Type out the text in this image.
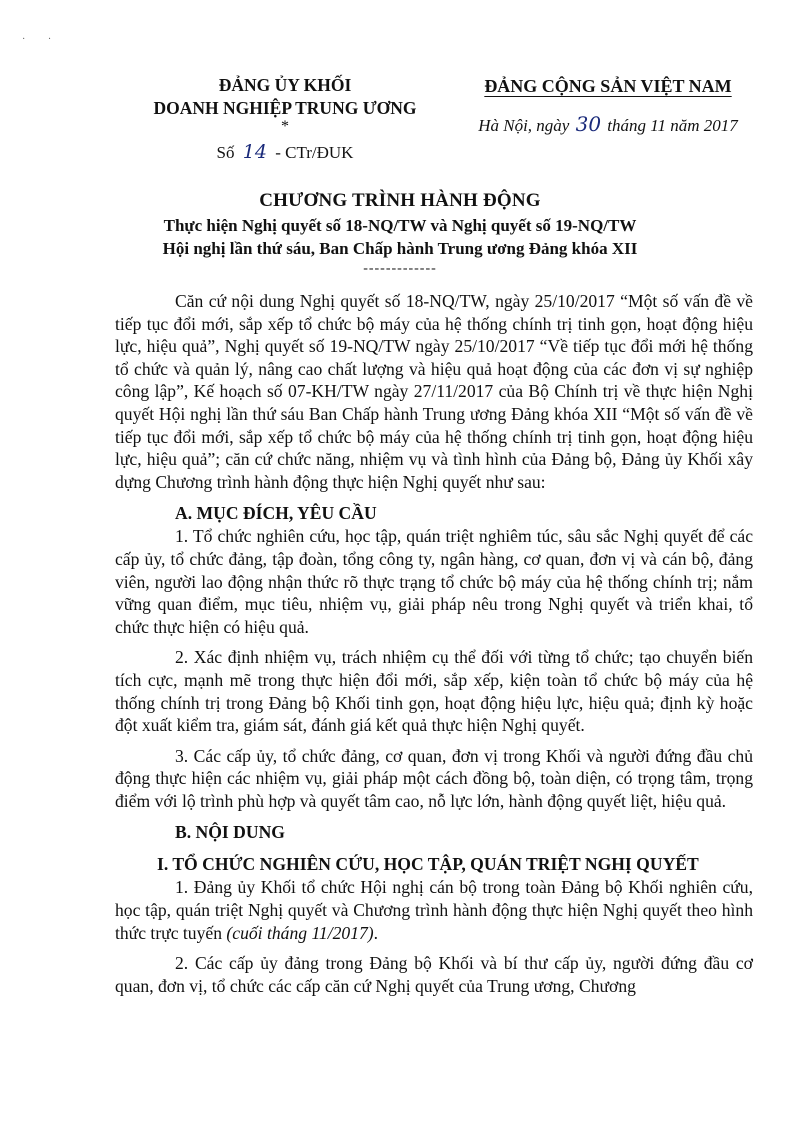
· ·
ĐẢNG ỦY KHỐI
DOANH NGHIỆP TRUNG ƯƠNG
*
Số 14 - CTr/ĐUK
ĐẢNG CỘNG SẢN VIỆT NAM
Hà Nội, ngày 30 tháng 11 năm 2017
CHƯƠNG TRÌNH HÀNH ĐỘNG
Thực hiện Nghị quyết số 18-NQ/TW và Nghị quyết số 19-NQ/TW
Hội nghị lần thứ sáu, Ban Chấp hành Trung ương Đảng khóa XII
-------------

Căn cứ nội dung Nghị quyết số 18-NQ/TW, ngày 25/10/2017 “Một số vấn đề về tiếp tục đổi mới, sắp xếp tổ chức bộ máy của hệ thống chính trị tinh gọn, hoạt động hiệu lực, hiệu quả”, Nghị quyết số 19-NQ/TW ngày 25/10/2017 “Về tiếp tục đổi mới hệ thống tổ chức và quản lý, nâng cao chất lượng và hiệu quả hoạt động của các đơn vị sự nghiệp công lập”, Kế hoạch số 07-KH/TW ngày 27/11/2017 của Bộ Chính trị về thực hiện Nghị quyết Hội nghị lần thứ sáu Ban Chấp hành Trung ương Đảng khóa XII “Một số vấn đề về tiếp tục đổi mới, sắp xếp tổ chức bộ máy của hệ thống chính trị tinh gọn, hoạt động hiệu lực, hiệu quả”; căn cứ chức năng, nhiệm vụ và tình hình của Đảng bộ, Đảng ủy Khối xây dựng Chương trình hành động thực hiện Nghị quyết như sau:

A. MỤC ĐÍCH, YÊU CẦU

1. Tổ chức nghiên cứu, học tập, quán triệt nghiêm túc, sâu sắc Nghị quyết để các cấp ủy, tổ chức đảng, tập đoàn, tổng công ty, ngân hàng, cơ quan, đơn vị và cán bộ, đảng viên, người lao động nhận thức rõ thực trạng tổ chức bộ máy của hệ thống chính trị; nắm vững quan điểm, mục tiêu, nhiệm vụ, giải pháp nêu trong Nghị quyết và triển khai, tổ chức thực hiện có hiệu quả.

2. Xác định nhiệm vụ, trách nhiệm cụ thể đối với từng tổ chức; tạo chuyển biến tích cực, mạnh mẽ trong thực hiện đổi mới, sắp xếp, kiện toàn tổ chức bộ máy của hệ thống chính trị trong Đảng bộ Khối tinh gọn, hoạt động hiệu lực, hiệu quả; định kỳ hoặc đột xuất kiểm tra, giám sát, đánh giá kết quả thực hiện Nghị quyết.

3. Các cấp ủy, tổ chức đảng, cơ quan, đơn vị trong Khối và người đứng đầu chủ động thực hiện các nhiệm vụ, giải pháp một cách đồng bộ, toàn diện, có trọng tâm, trọng điểm với lộ trình phù hợp và quyết tâm cao, nỗ lực lớn, hành động quyết liệt, hiệu quả.

B. NỘI DUNG
I. TỔ CHỨC NGHIÊN CỨU, HỌC TẬP, QUÁN TRIỆT NGHỊ QUYẾT

1. Đảng ủy Khối tổ chức Hội nghị cán bộ trong toàn Đảng bộ Khối nghiên cứu, học tập, quán triệt Nghị quyết và Chương trình hành động thực hiện Nghị quyết theo hình thức trực tuyến (cuối tháng 11/2017).

2. Các cấp ủy đảng trong Đảng bộ Khối và bí thư cấp ủy, người đứng đầu cơ quan, đơn vị, tổ chức các cấp căn cứ Nghị quyết của Trung ương, Chương
